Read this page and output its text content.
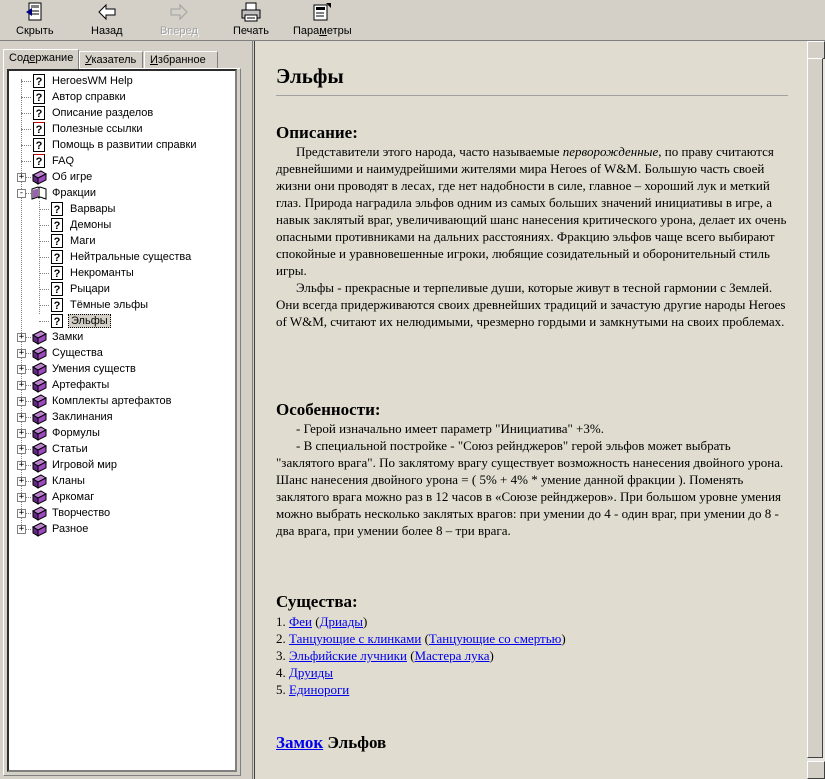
Скрыть	Назад	Вперед	Печать Параметры
Содержание	Указатель	Избранное
? HeroesWM Help
? Автор справки
? Описание разделов
? Полезные ссылки
? Помощь в развитии справки
? FAQ
Об игре
+
Фракции
-
? Варвары
? Демоны
? Маги
? Нейтральные существа
? Некроманты
? Рыцари
? Тёмные эльфы
? Эльфы
Замки
+
Существа
+
Умения существ
+
Артефакты
+
Комплекты артефактов
+
Заклинания
+
Формулы
+
Статьи
+
Игровой мир
+
Кланы
+
Аркомаг
+
Творчество
+
Разное
+
Эльфы
Описание:

Представители этого народа, часто называемые перворожденные, по праву считаются древнейшими и наимудрейшими жителями мира Heroes of W&M. Большую часть своей жизни они проводят в лесах, где нет надобности в силе, главное – хороший лук и меткий глаз. Природа наградила эльфов одним из самых больших значений инициативы в игре, а навык заклятый враг, увеличивающий шанс нанесения критического урона, делает их очень опасными противниками на дальних расстояниях. Фракцию эльфов чаще всего выбирают спокойные и уравновешенные игроки, любящие созидательный и оборонительный стиль игры.

Эльфы - прекрасные и терпеливые души, которые живут в тесной гармонии с Землей. Они всегда придерживаются своих древнейших традиций и зачастую другие народы Heroes of W&M, считают их нелюдимыми, чрезмерно гордыми и замкнутыми на своих проблемах.

Особенности:

- Герой изначально имеет параметр "Инициатива" +3%.

- В специальной постройке - "Союз рейнджеров" герой эльфов может выбрать "заклятого врага". По заклятому врагу существует возможность нанесения двойного урона. Шанс нанесения двойного урона = ( 5% + 4% * умение данной фракции ). Поменять заклятого врага можно раз в 12 часов в «Союзе рейнджеров». При большом уровне умения можно выбрать несколько заклятых врагов: при умении до 4 - один враг, при умении до 8 - два врага, при умении более 8 – три врага.

Существа:
1. Феи (Дриады)
2. Танцующие с клинками (Танцующие со смертью)
3. Эльфийские лучники (Мастера лука)
4. Друиды
5. Единороги
Замок Эльфов
